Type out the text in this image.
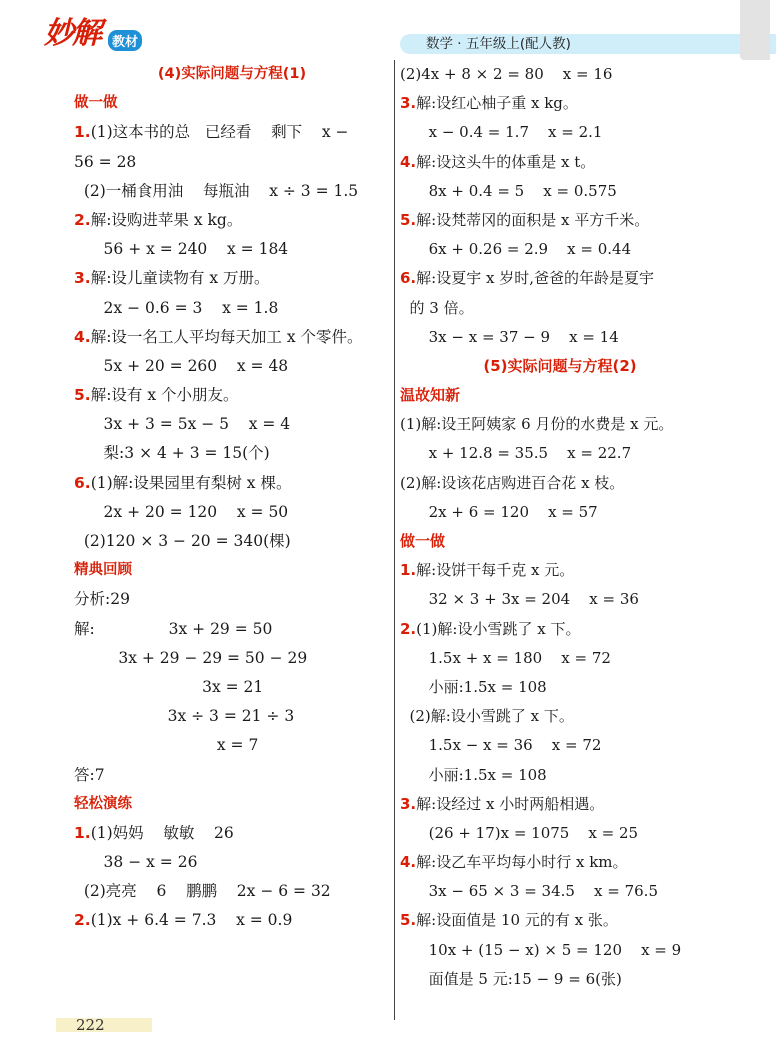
妙解 教材	数学 · 五年级上(配人教)
(4)实际问题与方程(1)
做一做
1.(1)这本书的总   已经看    剩下    x −
56 = 28
(2)一桶食用油    每瓶油    x ÷ 3 = 1.5
2.解:设购进苹果 x kg。
56 + x = 240    x = 184
3.解:设儿童读物有 x 万册。
2x − 0.6 = 3    x = 1.8
4.解:设一名工人平均每天加工 x 个零件。
5x + 20 = 260    x = 48
5.解:设有 x 个小朋友。
3x + 3 = 5x − 5    x = 4
梨:3 × 4 + 3 = 15(个)
6.(1)解:设果园里有梨树 x 棵。
2x + 20 = 120    x = 50
(2)120 × 3 − 20 = 340(棵)
精典回顾
分析:29
解:               3x + 29 = 50
3x + 29 − 29 = 50 − 29
3x = 21
3x ÷ 3 = 21 ÷ 3
x = 7
答:7
轻松演练
1.(1)妈妈    敏敏    26
38 − x = 26
(2)亮亮    6    鹏鹏    2x − 6 = 32
2.(1)x + 6.4 = 7.3    x = 0.9
(2)4x + 8 × 2 = 80    x = 16
3.解:设红心柚子重 x kg。
x − 0.4 = 1.7    x = 2.1
4.解:设这头牛的体重是 x t。
8x + 0.4 = 5    x = 0.575
5.解:设梵蒂冈的面积是 x 平方千米。
6x + 0.26 = 2.9    x = 0.44
6.解:设夏宇 x 岁时,爸爸的年龄是夏宇
的 3 倍。
3x − x = 37 − 9    x = 14
(5)实际问题与方程(2)
温故知新
(1)解:设王阿姨家 6 月份的水费是 x 元。
x + 12.8 = 35.5    x = 22.7
(2)解:设该花店购进百合花 x 枝。
2x + 6 = 120    x = 57
做一做
1.解:设饼干每千克 x 元。
32 × 3 + 3x = 204    x = 36
2.(1)解:设小雪跳了 x 下。
1.5x + x = 180    x = 72
小丽:1.5x = 108
(2)解:设小雪跳了 x 下。
1.5x − x = 36    x = 72
小丽:1.5x = 108
3.解:设经过 x 小时两船相遇。
(26 + 17)x = 1075    x = 25
4.解:设乙车平均每小时行 x km。
3x − 65 × 3 = 34.5    x = 76.5
5.解:设面值是 10 元的有 x 张。
10x + (15 − x) × 5 = 120    x = 9
面值是 5 元:15 − 9 = 6(张)
222
